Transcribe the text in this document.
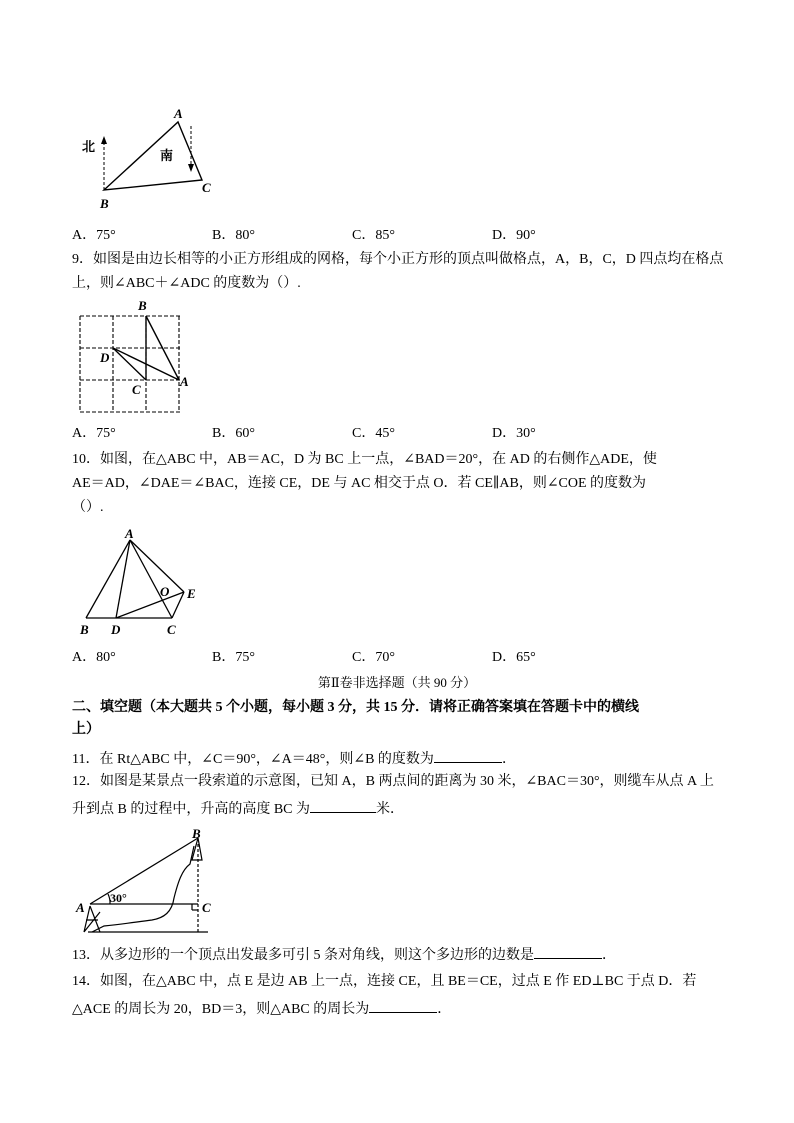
北
南
A
B
C
A．75°	B．80°	C．85°	D．90°
9．如图是由边长相等的小正方形组成的网格，每个小正方形的顶点叫做格点，A，B，C，D 四点均在格点
上，则∠ABC＋∠ADC 的度数为（）.
B
D
C
A
A．75°	B．60°	C．45°	D．30°
10．如图，在△ABC 中，AB＝AC，D 为 BC 上一点，∠BAD＝20°，在 AD 的右侧作△ADE，使
AE＝AD，∠DAE＝∠BAC，连接 CE，DE 与 AC 相交于点 O．若 CE∥AB，则∠COE 的度数为
（）.
A
B D	C
O E
A．80°	B．75°	C．70°	D．65°
第Ⅱ卷非选择题（共 90 分）
二、填空题（本大题共 5 个小题，每小题 3 分，共 15 分．请将正确答案填在答题卡中的横线
上）
11．在 Rt△ABC 中，∠C＝90°，∠A＝48°，则∠B 的度数为	．
12．如图是某景点一段索道的示意图，已知 A，B 两点间的距离为 30 米，∠BAC＝30°，则缆车从点 A 上
升到点 B 的过程中，升高的高度 BC 为	米．
B
A	C
30°
13．从多边形的一个顶点出发最多可引 5 条对角线，则这个多边形的边数是	．
14．如图，在△ABC 中，点 E 是边 AB 上一点，连接 CE，且 BE＝CE，过点 E 作 ED⊥BC 于点 D．若
△ACE 的周长为 20，BD＝3，则△ABC 的周长为	．
